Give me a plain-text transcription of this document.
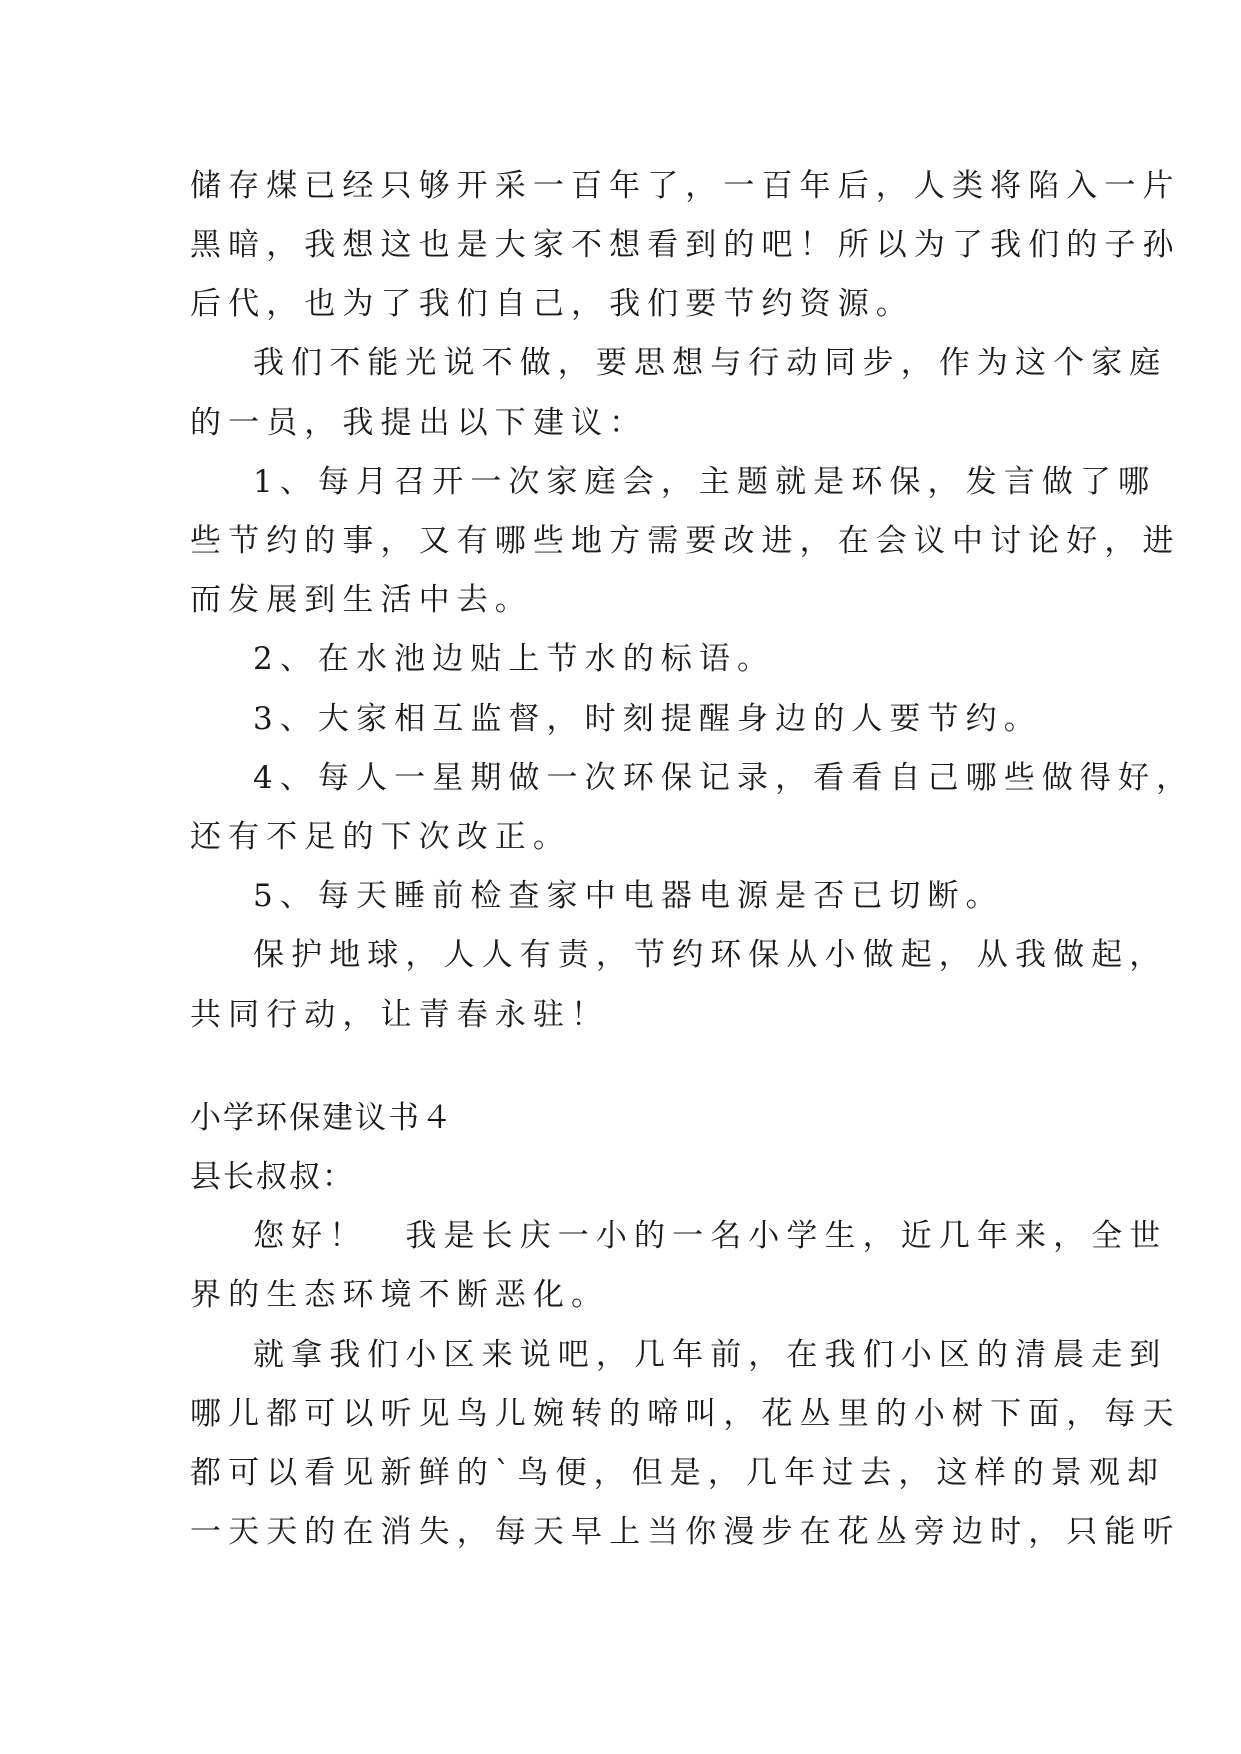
储存煤已经只够开采一百年了，一百年后，人类将陷入一片
黑暗，我想这也是大家不想看到的吧！所以为了我们的子孙
后代，也为了我们自己，我们要节约资源。
我们不能光说不做，要思想与行动同步，作为这个家庭
的一员，我提出以下建议：
1、每月召开一次家庭会，主题就是环保，发言做了哪
些节约的事，又有哪些地方需要改进，在会议中讨论好，进
而发展到生活中去。
2、在水池边贴上节水的标语。
3、大家相互监督，时刻提醒身边的人要节约。
4、每人一星期做一次环保记录，看看自己哪些做得好，
还有不足的下次改正。
5、每天睡前检查家中电器电源是否已切断。
保护地球，人人有责，节约环保从小做起，从我做起，
共同行动，让青春永驻！
小学环保建议书４
县长叔叔：
您好！　我是长庆一小的一名小学生，近几年来，全世
界的生态环境不断恶化。
就拿我们小区来说吧，几年前，在我们小区的清晨走到
哪儿都可以听见鸟儿婉转的啼叫，花丛里的小树下面，每天
都可以看见新鲜的`鸟便，但是，几年过去，这样的景观却
一天天的在消失，每天早上当你漫步在花丛旁边时，只能听
